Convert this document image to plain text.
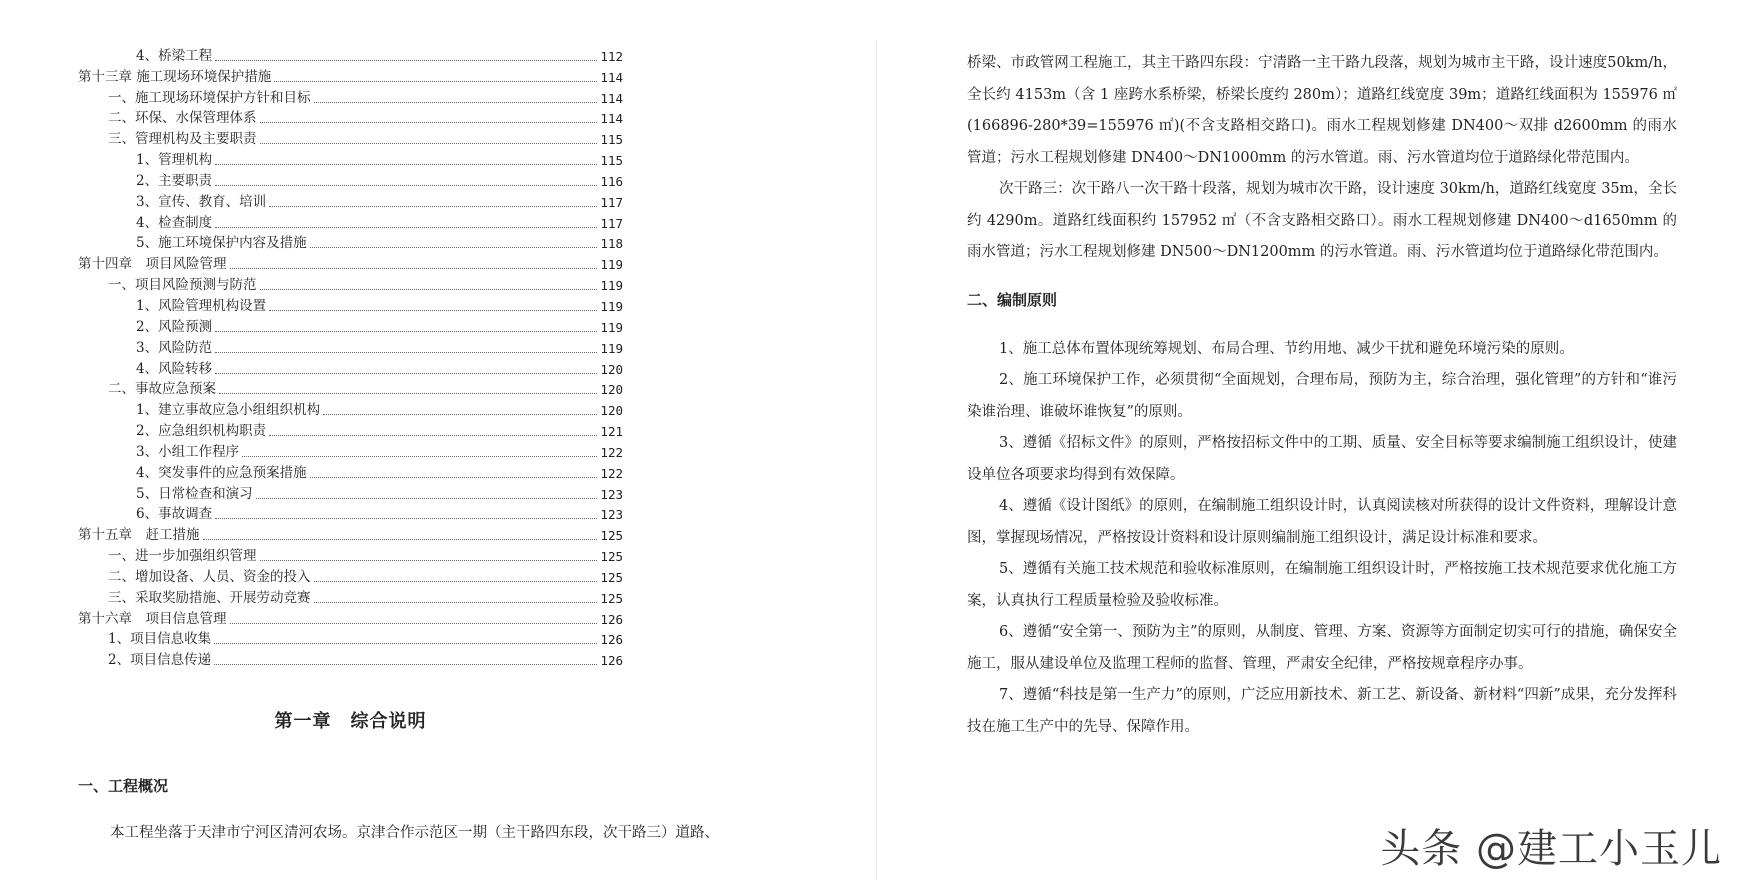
4、桥梁工程	112
第十三章 施工现场环境保护措施	114
一、施工现场环境保护方针和目标	114
二、环保、水保管理体系	114
三、管理机构及主要职责	115
1、管理机构	115
2、主要职责	116
3、宣传、教育、培训	117
4、检查制度	117
5、施工环境保护内容及措施	118
第十四章　项目风险管理	119
一、项目风险预测与防范	119
1、风险管理机构设置	119
2、风险预测	119
3、风险防范	119
4、风险转移	120
二、事故应急预案	120
1、建立事故应急小组组织机构	120
2、应急组织机构职责	121
3、小组工作程序	122
4、突发事件的应急预案措施	122
5、日常检查和演习	123
6、事故调查	123
第十五章　赶工措施	125
一、进一步加强组织管理	125
二、增加设备、人员、资金的投入	125
三、采取奖励措施、开展劳动竞赛	125
第十六章　项目信息管理	126
1、项目信息收集	126
2、项目信息传递	126
第一章　综合说明
一、工程概况
本工程坐落于天津市宁河区清河农场。京津合作示范区一期（主干路四东段，次干路三）道路、

桥梁、市政管网工程施工，其主干路四东段：宁清路一主干路九段落，规划为城市主干路，设计速度50km/h，全长约 4153m（含 1 座跨水系桥梁，桥梁长度约 280m）；道路红线宽度 39m；道路红线面积为 155976 ㎡(166896-280*39=155976 ㎡)(不含支路相交路口)。雨水工程规划修建 DN400～双排 d2600mm 的雨水管道；污水工程规划修建 DN400～DN1000mm 的污水管道。雨、污水管道均位于道路绿化带范围内。

次干路三：次干路八一次干路十段落，规划为城市次干路，设计速度 30km/h，道路红线宽度 35m，全长约 4290m。道路红线面积约 157952 ㎡（不含支路相交路口）。雨水工程规划修建 DN400～d1650mm 的雨水管道；污水工程规划修建 DN500～DN1200mm 的污水管道。雨、污水管道均位于道路绿化带范围内。

二、编制原则

1、施工总体布置体现统筹规划、布局合理、节约用地、减少干扰和避免环境污染的原则。

2、施工环境保护工作，必须贯彻“全面规划，合理布局，预防为主，综合治理，强化管理”的方针和“谁污染谁治理、谁破坏谁恢复”的原则。

3、遵循《招标文件》的原则，严格按招标文件中的工期、质量、安全目标等要求编制施工组织设计，使建设单位各项要求均得到有效保障。

4、遵循《设计图纸》的原则，在编制施工组织设计时，认真阅读核对所获得的设计文件资料，理解设计意图，掌握现场情况，严格按设计资料和设计原则编制施工组织设计，满足设计标准和要求。

5、遵循有关施工技术规范和验收标准原则，在编制施工组织设计时，严格按施工技术规范要求优化施工方案，认真执行工程质量检验及验收标准。

6、遵循“安全第一、预防为主”的原则，从制度、管理、方案、资源等方面制定切实可行的措施，确保安全施工，服从建设单位及监理工程师的监督、管理，严肃安全纪律，严格按规章程序办事。

7、遵循“科技是第一生产力”的原则，广泛应用新技术、新工艺、新设备、新材料“四新”成果，充分发挥科技在施工生产中的先导、保障作用。

头条 @建工小玉儿
